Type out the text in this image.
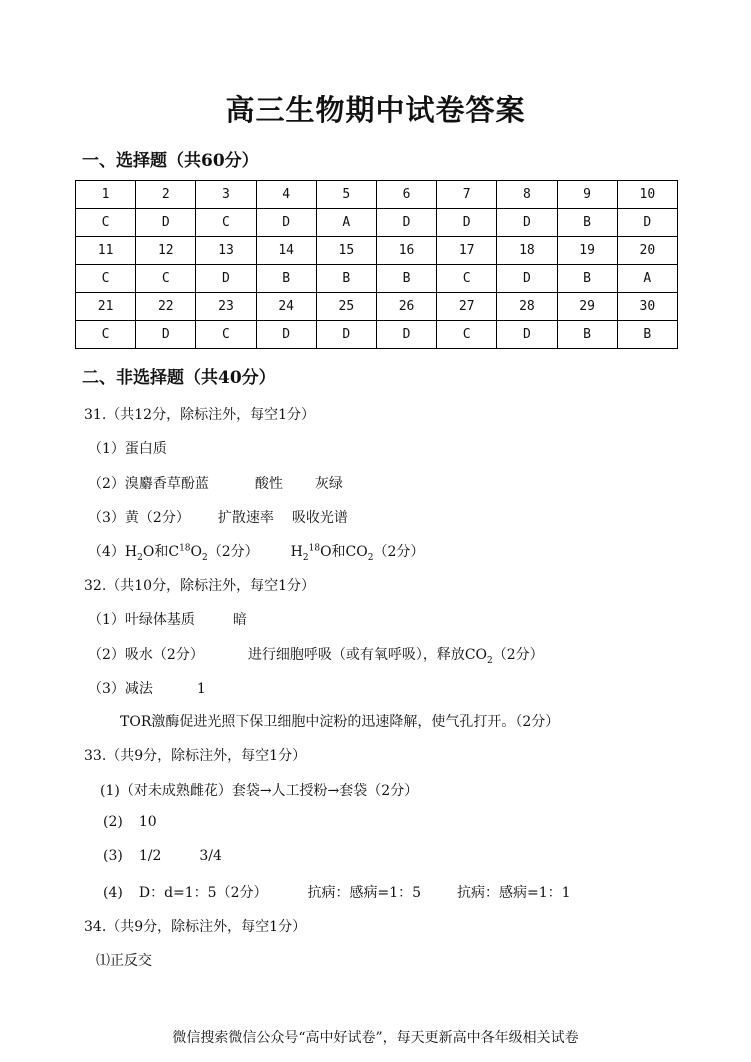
高三生物期中试卷答案
一、选择题（共60分）
1	2	3	4	5	6	7	8	9	10
C	D	C	D	A	D	D	D	B	D
11	12	13	14	15	16	17	18	19	20
C	C	D	B	B	B	C	D	B	A
21	22	23	24	25	26	27	28	29	30
C	D	C	D	D	D	C	D	B	B
二、非选择题（共40分）
31.（共12分，除标注外，每空1分）
（1）蛋白质
（2）溴麝香草酚蓝	酸性 灰绿
（3）黄（2分） 扩散速率 吸收光谱
$(4)H_2O$和$C^{18}O_2(2$分） $H_2^{18}O$和$CO_2(2$分）
32.（共10分，除标注外，每空1分）
（1）叶绿体基质	暗
（2）吸水（2分）	进行细胞呼吸（或有氧呼吸），释放$CO_2(2$分）
（3）减法	1
TOR激酶促进光照下保卫细胞中淀粉的迅速降解，使气孔打开。（2分）
33.（共9分，除标注外，每空1分）
(1)（对未成熟雌花）套袋→人工授粉→套袋（2分）
(2) 10
(3) 1/2	3/4
(4) D：d=1：5（2分）	抗病：感病=1：5	抗病：感病=1：1
34.（共9分，除标注外，每空1分）
⑴正反交
微信搜索微信公众号“高中好试卷”，每天更新高中各年级相关试卷
